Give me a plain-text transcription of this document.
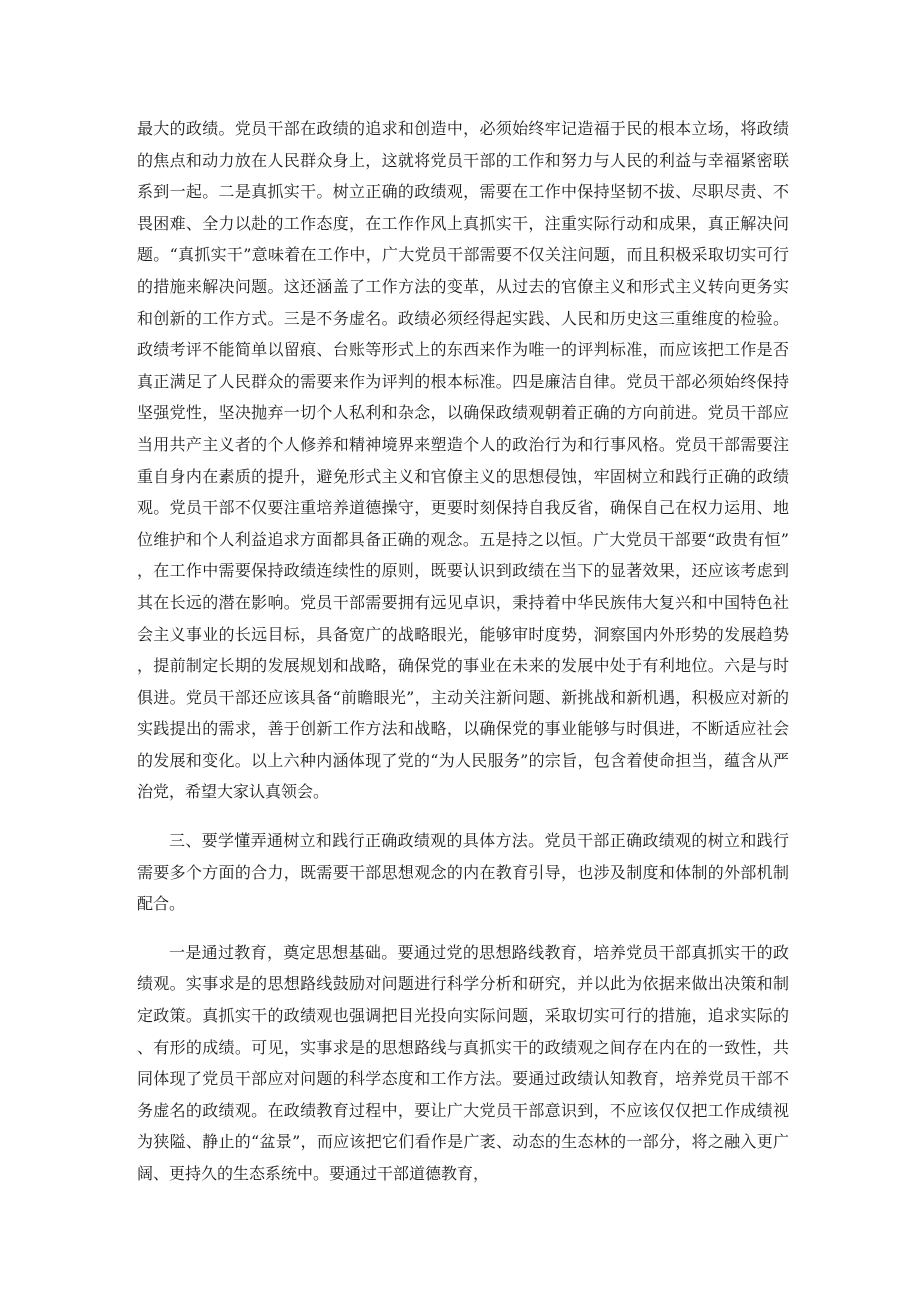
最大的政绩。党员干部在政绩的追求和创造中，必须始终牢记造福于民的根本立场，将政绩的焦点和动力放在人民群众身上，这就将党员干部的工作和努力与人民的利益与幸福紧密联系到一起。二是真抓实干。树立正确的政绩观，需要在工作中保持坚韧不拔、尽职尽责、不畏困难、全力以赴的工作态度，在工作作风上真抓实干，注重实际行动和成果，真正解决问题。“真抓实干”意味着在工作中，广大党员干部需要不仅关注问题，而且积极采取切实可行的措施来解决问题。这还涵盖了工作方法的变革，从过去的官僚主义和形式主义转向更务实和创新的工作方式。三是不务虚名。政绩必须经得起实践、人民和历史这三重维度的检验。政绩考评不能简单以留痕、台账等形式上的东西来作为唯一的评判标准，而应该把工作是否真正满足了人民群众的需要来作为评判的根本标准。四是廉洁自律。党员干部必须始终保持坚强党性，坚决抛弃一切个人私利和杂念，以确保政绩观朝着正确的方向前进。党员干部应当用共产主义者的个人修养和精神境界来塑造个人的政治行为和行事风格。党员干部需要注重自身内在素质的提升，避免形式主义和官僚主义的思想侵蚀，牢固树立和践行正确的政绩观。党员干部不仅要注重培养道德操守，更要时刻保持自我反省，确保自己在权力运用、地位维护和个人利益追求方面都具备正确的观念。五是持之以恒。广大党员干部要“政贵有恒”，在工作中需要保持政绩连续性的原则，既要认识到政绩在当下的显著效果，还应该考虑到其在长远的潜在影响。党员干部需要拥有远见卓识，秉持着中华民族伟大复兴和中国特色社会主义事业的长远目标，具备宽广的战略眼光，能够审时度势，洞察国内外形势的发展趋势，提前制定长期的发展规划和战略，确保党的事业在未来的发展中处于有利地位。六是与时俱进。党员干部还应该具备“前瞻眼光”，主动关注新问题、新挑战和新机遇，积极应对新的实践提出的需求，善于创新工作方法和战略，以确保党的事业能够与时俱进，不断适应社会的发展和变化。以上六种内涵体现了党的“为人民服务”的宗旨，包含着使命担当，蕴含从严治党，希望大家认真领会。

三、要学懂弄通树立和践行正确政绩观的具体方法。党员干部正确政绩观的树立和践行需要多个方面的合力，既需要干部思想观念的内在教育引导，也涉及制度和体制的外部机制配合。

一是通过教育，奠定思想基础。要通过党的思想路线教育，培养党员干部真抓实干的政绩观。实事求是的思想路线鼓励对问题进行科学分析和研究，并以此为依据来做出决策和制定政策。真抓实干的政绩观也强调把目光投向实际问题，采取切实可行的措施，追求实际的、有形的成绩。可见，实事求是的思想路线与真抓实干的政绩观之间存在内在的一致性，共同体现了党员干部应对问题的科学态度和工作方法。要通过政绩认知教育，培养党员干部不务虚名的政绩观。在政绩教育过程中，要让广大党员干部意识到，不应该仅仅把工作成绩视为狭隘、静止的“盆景”，而应该把它们看作是广袤、动态的生态林的一部分，将之融入更广阔、更持久的生态系统中。要通过干部道德教育，
